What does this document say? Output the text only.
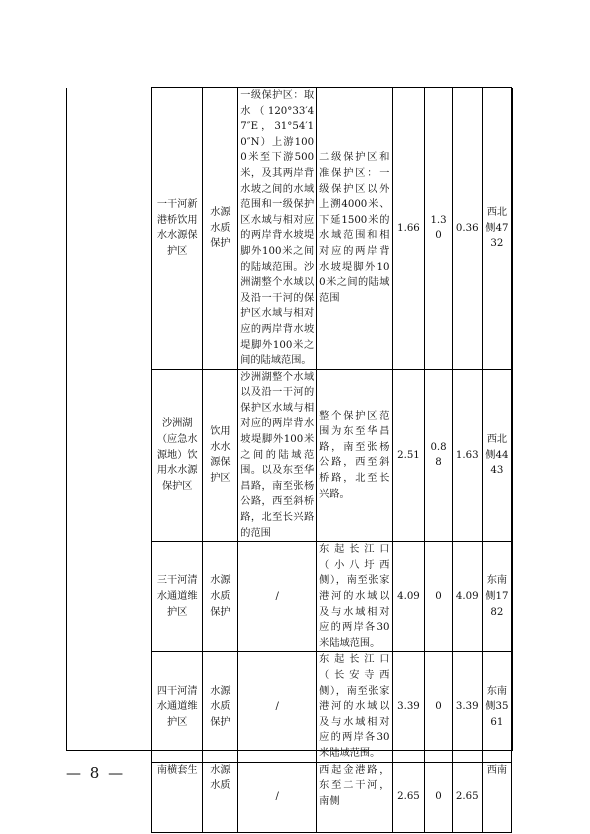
一干河新港桥饮用水水源保护区	水源水质保护	一级保护区：取水（120°33′47″E，31°54′10″N）上游1000米至下游500米，及其两岸背水坡之间的水域范围和一级保护区水域与相对应的两岸背水坡堤脚外100米之间的陆域范围。沙洲湖整个水域以及沿一干河的保护区水域与相对应的两岸背水坡堤脚外100米之间的陆域范围。	二级保护区和准保护区：一级保护区以外上溯4000米、下延1500米的水域范围和相对应的两岸背水坡堤脚外100米之间的陆域范围	1.66	1.30	0.36	西北侧4732
沙洲湖（应急水源地）饮用水水源保护区	饮用水水源保护区	沙洲湖整个水域以及沿一干河的保护区水域与相对应的两岸背水坡堤脚外100米之间的陆域范围。以及东至华昌路，南至张杨公路，西至斜桥路，北至长兴路的范围	整个保护区范围为东至华昌路，南至张杨公路，西至斜桥路，北至长兴路。	2.51	0.88	1.63	西北侧4443
三干河清水通道维护区	水源水质保护	/	东起长江口（小八圩西侧），南至张家港河的水域以及与水域相对应的两岸各30米陆域范围。	4.09	0	4.09	东南侧1782
四干河清水通道维护区	水源水质保护	/	东起长江口（长安寺西侧），南至张家港河的水域以及与水域相对应的两岸各30米陆域范围。	3.39	0	3.39	东南侧3561
南横套生	水源水质	/	西起金港路，东至二干河，南侧	2.65	0	2.65	西南
— 8 —
